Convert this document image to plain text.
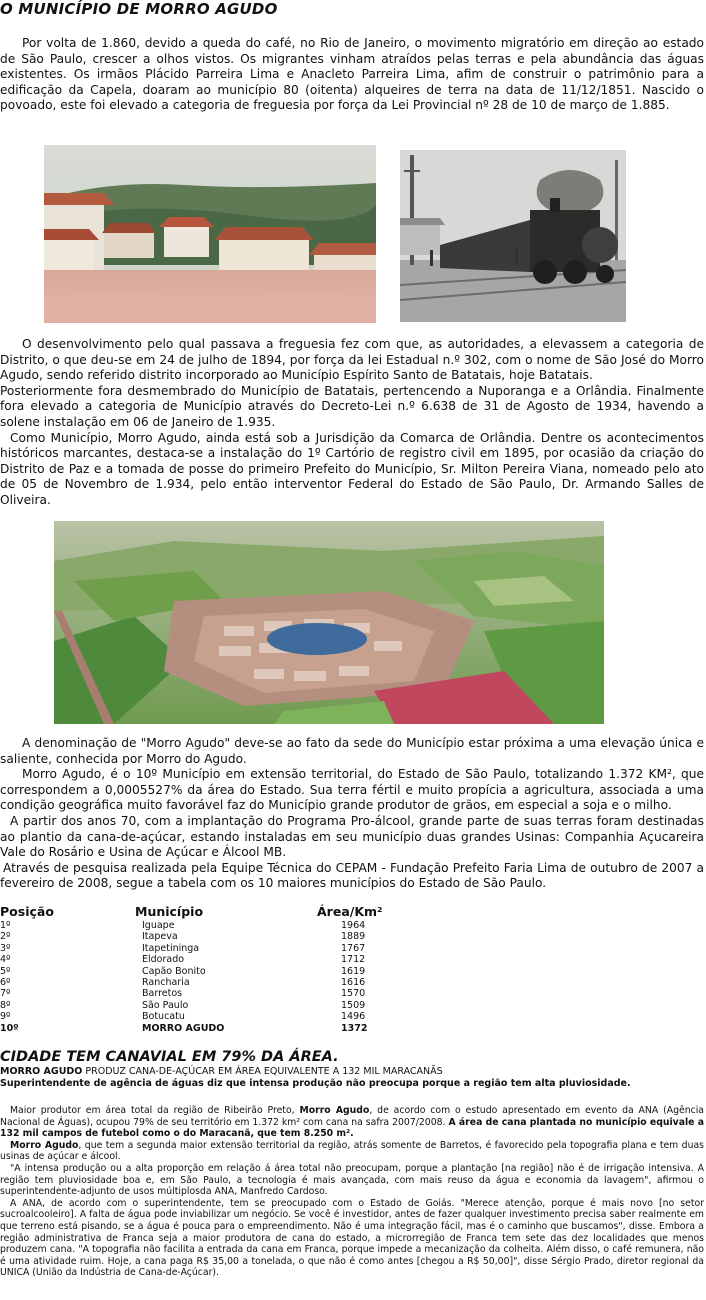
O MUNICÍPIO DE MORRO AGUDO

Por volta de 1.860, devido a queda do café, no Rio de Janeiro, o movimento migratório em direção ao estado de São Paulo, crescer a olhos vistos. Os migrantes vinham atraídos pelas terras e pela abundância das águas existentes. Os irmãos Plácido Parreira Lima e Anacleto Parreira Lima, afim de construir o patrimônio para a edificação da Capela, doaram ao município 80 (oitenta) alqueires de terra na data de 11/12/1851. Nascido o povoado, este foi elevado a categoria de freguesia por força da Lei Provincial nº 28 de 10 de março de 1.885.

O desenvolvimento pelo qual passava a freguesia fez com que, as autoridades, a elevassem a categoria de Distrito, o que deu-se em 24 de julho de 1894, por força da lei Estadual n.º 302, com o nome de São José do Morro Agudo, sendo referido distrito incorporado ao Município Espírito Santo de Batatais, hoje Batatais.

Posteriormente fora desmembrado do Município de Batatais, pertencendo a Nuporanga e a Orlândia. Finalmente fora elevado a categoria de Município através do Decreto-Lei n.º 6.638 de 31 de Agosto de 1934, havendo a solene instalação em 06 de Janeiro de 1.935.

Como Município, Morro Agudo, ainda está sob a Jurisdição da Comarca de Orlândia. Dentre os acontecimentos históricos marcantes, destaca-se a instalação do 1º Cartório de registro civil em 1895, por ocasião da criação do Distrito de Paz e a tomada de posse do primeiro Prefeito do Município, Sr. Milton Pereira Viana, nomeado pelo ato de 05 de Novembro de 1.934, pelo então interventor Federal do Estado de São Paulo, Dr. Armando Salles de Oliveira.

A denominação de "Morro Agudo" deve-se ao fato da sede do Município estar próxima a uma elevação única e saliente, conhecida por Morro do Agudo.

Morro Agudo, é o 10º Município em extensão territorial, do Estado de São Paulo, totalizando 1.372 KM², que correspondem a 0,0005527% da área do Estado. Sua terra fértil e muito propícia a agricultura, associada a uma condição geográfica muito favorável faz do Município grande produtor de grãos, em especial a soja e o milho.

A partir dos anos 70, com a implantação do Programa Pro-álcool, grande parte de suas terras foram destinadas ao plantio da cana-de-açúcar, estando instaladas em seu município duas grandes Usinas: Companhia Açucareira Vale do Rosário e Usina de Açúcar e Álcool MB.

Através de pesquisa realizada pela Equipe Técnica do CEPAM - Fundação Prefeito Faria Lima de outubro de 2007 a fevereiro de 2008, segue a tabela com os 10 maiores municípios do Estado de São Paulo.

Posição	Município	Área/Km²
1º	Iguape	1964
2º	Itapeva	1889
3º	Itapetininga	1767
4º	Eldorado	1712
5º	Capão Bonito	1619
6º	Rancharia	1616
7º	Barretos	1570
8º	São Paulo	1509
9º	Botucatu	1496
10º	MORRO AGUDO	1372
CIDADE TEM CANAVIAL EM 79% DA ÁREA.
MORRO AGUDO PRODUZ CANA-DE-AÇÚCAR EM ÁREA EQUIVALENTE A 132 MIL MARACANÃS
Superintendente de agência de águas diz que intensa produção não preocupa porque a região tem alta pluviosidade.

Maior produtor em área total da região de Ribeirão Preto, Morro Agudo, de acordo com o estudo apresentado em evento da ANA (Agência Nacional de Águas), ocupou 79% de seu território em 1.372 km² com cana na safra 2007/2008. A área de cana plantada no município equivale a 132 mil campos de futebol como o do Maracanã, que tem 8.250 m².

Morro Agudo, que tem a segunda maior extensão territorial da região, atrás somente de Barretos, é favorecido pela topografia plana e tem duas usinas de açúcar e álcool.

"A intensa produção ou a alta proporção em relação á área total não preocupam, porque a plantação [na região] não é de irrigação intensiva. A região tem pluviosidade boa e, em São Paulo, a tecnologia é mais avançada, com mais reuso da água e economia da lavagem", afirmou o superintendente-adjunto de usos múltiplosda ANA, Manfredo Cardoso.

A ANA, de acordo com o superintendente, tem se preocupado com o Estado de Goiás. "Merece atenção, porque é mais novo [no setor sucroalcooleiro]. A falta de água pode inviabilizar um negócio. Se você é investidor, antes de fazer qualquer investimento precisa saber realmente em que terreno está pisando, se a água é pouca para o empreendimento. Não é uma integração fácil, mas é o caminho que buscamos", disse. Embora a região administrativa de Franca seja a maior produtora de cana do estado, a microrregião de Franca tem sete das dez localidades que menos produzem cana. "A topografia não facilita a entrada da cana em Franca, porque impede a mecanização da colheita. Além disso, o café remunera, não é uma atividade ruim. Hoje, a cana paga R$ 35,00 a tonelada, o que não é como antes [chegou a R$ 50,00]", disse Sérgio Prado, diretor regional da UNICA (União da Indústria de Cana-de-Açúcar).
